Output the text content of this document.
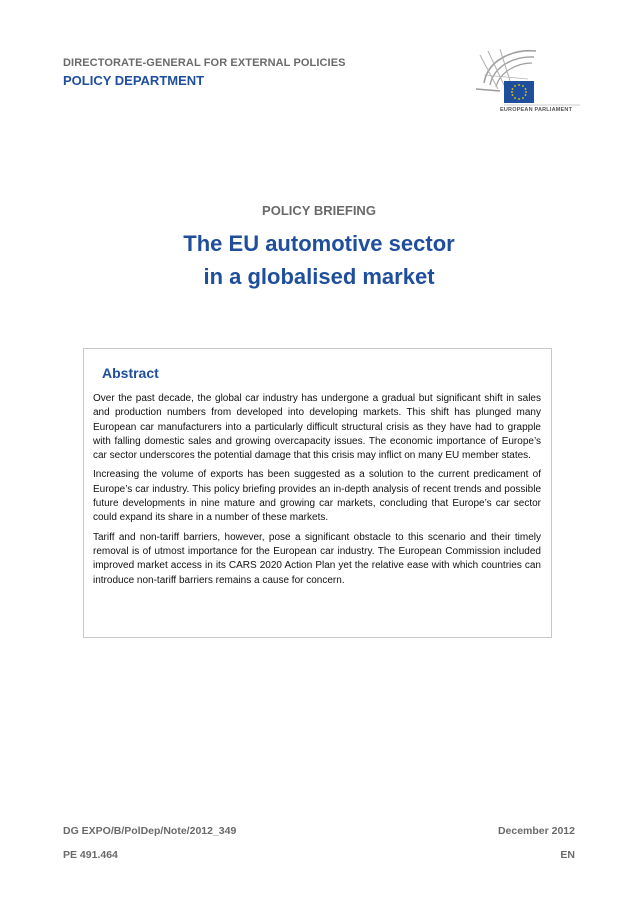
DIRECTORATE-GENERAL FOR EXTERNAL POLICIES
POLICY DEPARTMENT
EUROPEAN PARLIAMENT
POLICY BRIEFING
The EU automotive sector
in a globalised market
Abstract

Over the past decade, the global car industry has undergone a gradual but significant shift in sales and production numbers from developed into developing markets. This shift has plunged many European car manufacturers into a particularly difficult structural crisis as they have had to grapple with falling domestic sales and growing overcapacity issues. The economic importance of Europe’s car sector underscores the potential damage that this crisis may inflict on many EU member states.

Increasing the volume of exports has been suggested as a solution to the current predicament of Europe’s car industry. This policy briefing provides an in-depth analysis of recent trends and possible future developments in nine mature and growing car markets, concluding that Europe’s car sector could expand its share in a number of these markets.

Tariff and non-tariff barriers, however, pose a significant obstacle to this scenario and their timely removal is of utmost importance for the European car industry. The European Commission included improved market access in its CARS 2020 Action Plan yet the relative ease with which countries can introduce non-tariff barriers remains a cause for concern.

DG EXPO/B/PolDep/Note/2012_349	December 2012
PE 491.464	EN
